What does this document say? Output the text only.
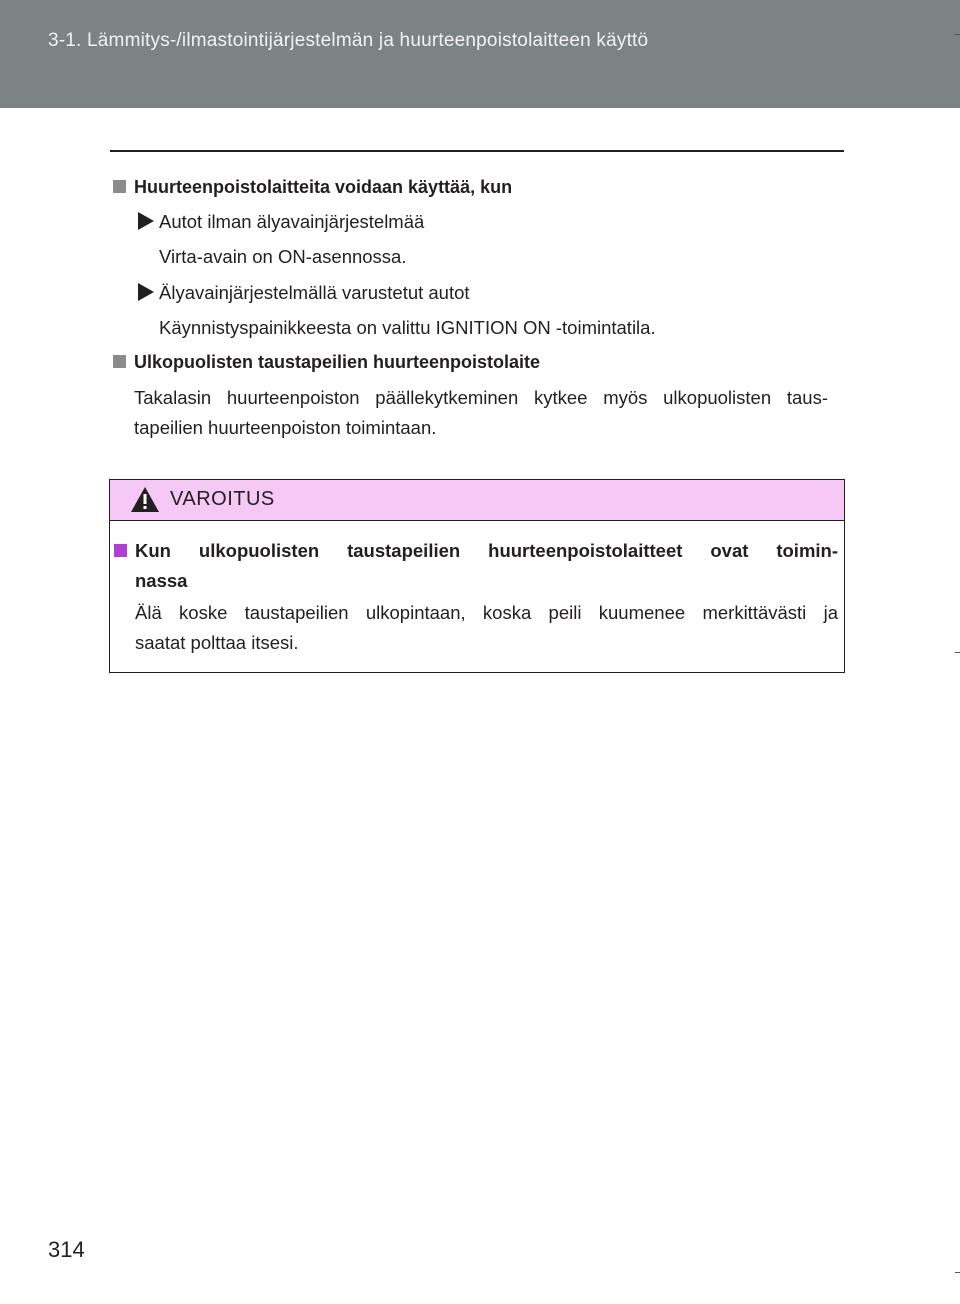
3-1. Lämmitys-/ilmastointijärjestelmän ja huurteenpoistolaitteen käyttö
Huurteenpoistolaitteita voidaan käyttää, kun
Autot ilman älyavainjärjestelmää
Virta-avain on ON-asennossa.
Älyavainjärjestelmällä varustetut autot
Käynnistyspainikkeesta on valittu IGNITION ON -toimintatila.
Ulkopuolisten taustapeilien huurteenpoistolaite
Takalasin huurteenpoiston päällekytkeminen kytkee myös ulkopuolisten taus-
tapeilien huurteenpoiston toimintaan.
VAROITUS
Kun ulkopuolisten taustapeilien huurteenpoistolaitteet ovat toimin-
nassa
Älä koske taustapeilien ulkopintaan, koska peili kuumenee merkittävästi ja
saatat polttaa itsesi.
314
